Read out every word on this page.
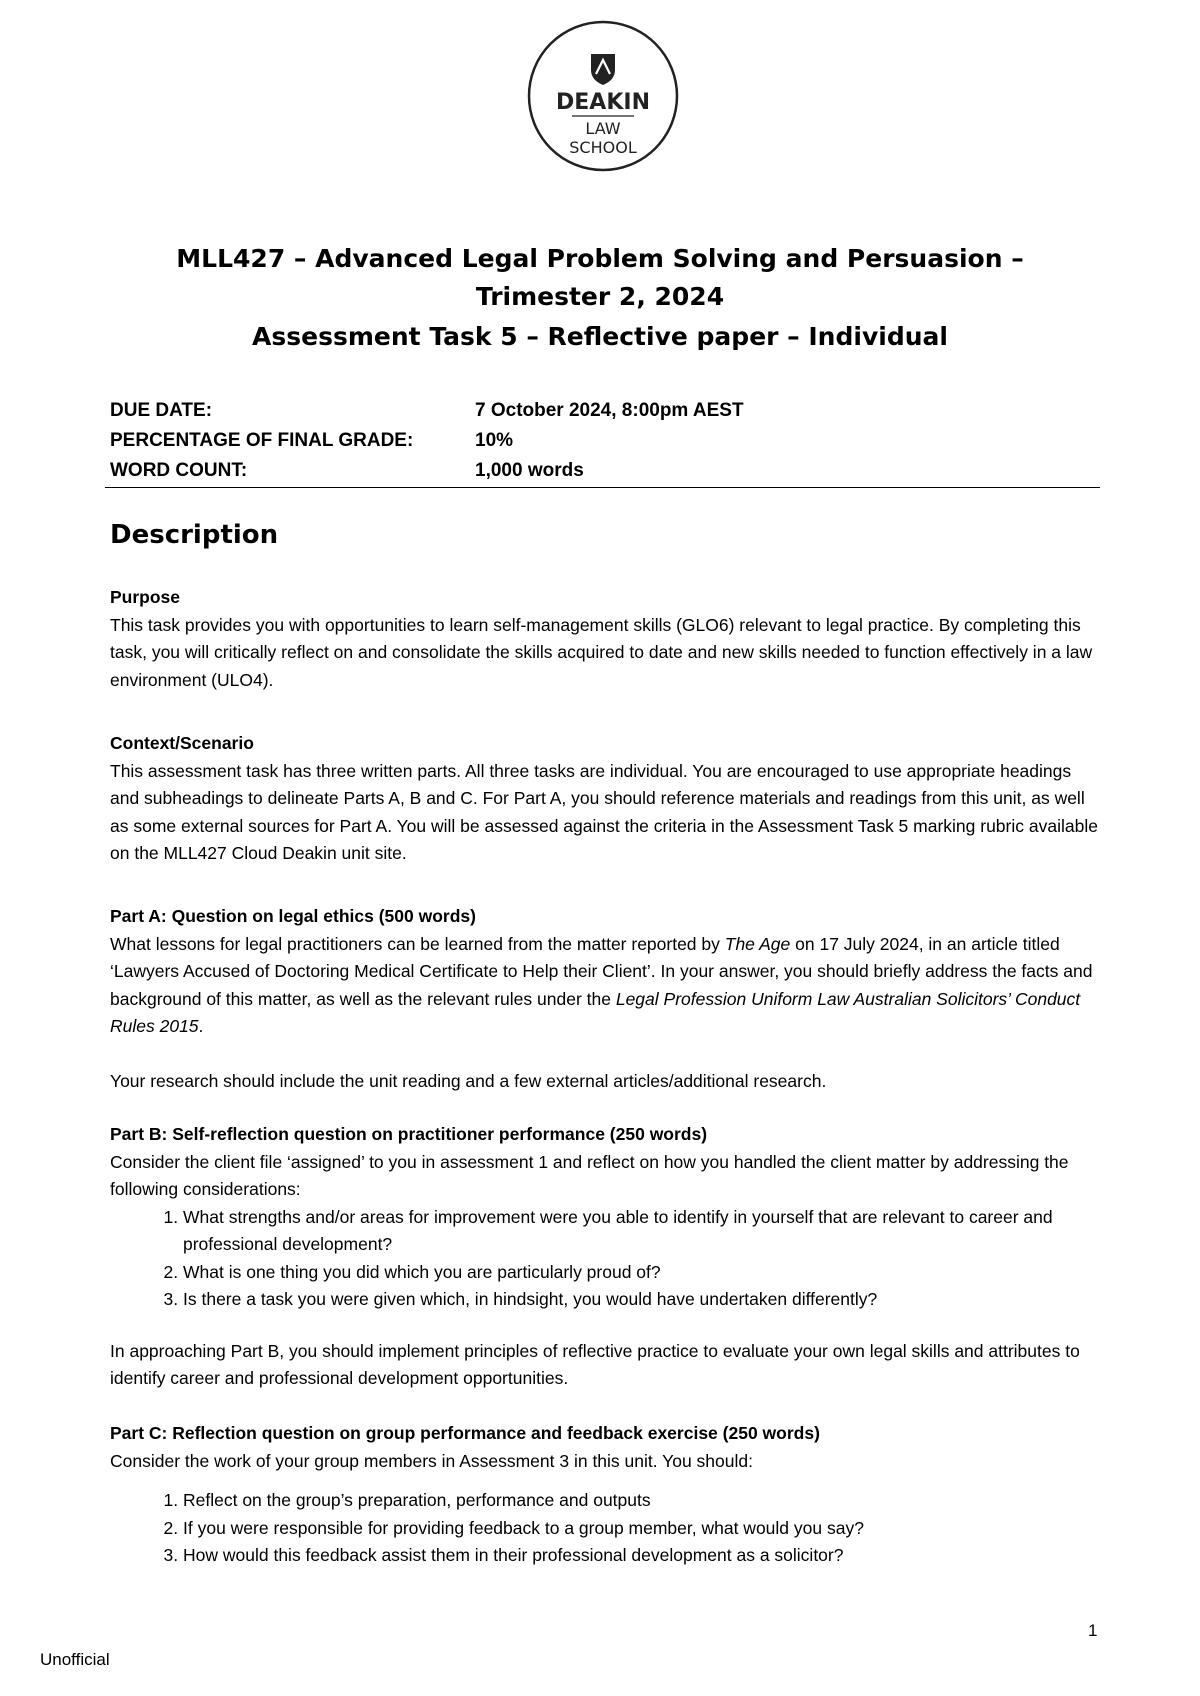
DEAKIN
LAW
SCHOOL
MLL427 – Advanced Legal Problem Solving and Persuasion – Trimester 2, 2024
Assessment Task 5 – Reflective paper – Individual
DUE DATE:	7 October 2024, 8:00pm AEST
PERCENTAGE OF FINAL GRADE:	10%
WORD COUNT:	1,000 words
Description

Purpose

This task provides you with opportunities to learn self-management skills (GLO6) relevant to legal practice. By completing this task, you will critically reflect on and consolidate the skills acquired to date and new skills needed to function effectively in a law environment (ULO4).

Context/Scenario

This assessment task has three written parts. All three tasks are individual. You are encouraged to use appropriate headings and subheadings to delineate Parts A, B and C. For Part A, you should reference materials and readings from this unit, as well as some external sources for Part A. You will be assessed against the criteria in the Assessment Task 5 marking rubric available on the MLL427 Cloud Deakin unit site.

Part A: Question on legal ethics (500 words)

What lessons for legal practitioners can be learned from the matter reported by The Age on 17 July 2024, in an article titled ‘Lawyers Accused of Doctoring Medical Certificate to Help their Client’. In your answer, you should briefly address the facts and background of this matter, as well as the relevant rules under the Legal Profession Uniform Law Australian Solicitors’ Conduct Rules 2015.

Your research should include the unit reading and a few external articles/additional research.

Part B: Self-reflection question on practitioner performance (250 words)

Consider the client file ‘assigned’ to you in assessment 1 and reflect on how you handled the client matter by addressing the following considerations:

1. What strengths and/or areas for improvement were you able to identify in yourself that are relevant to career and professional development?
2. What is one thing you did which you are particularly proud of?
3. Is there a task you were given which, in hindsight, you would have undertaken differently?

In approaching Part B, you should implement principles of reflective practice to evaluate your own legal skills and attributes to identify career and professional development opportunities.

Part C: Reflection question on group performance and feedback exercise (250 words)

Consider the work of your group members in Assessment 3 in this unit. You should:

1. Reflect on the group’s preparation, performance and outputs
2. If you were responsible for providing feedback to a group member, what would you say?
3. How would this feedback assist them in their professional development as a solicitor?
1
Unofficial
